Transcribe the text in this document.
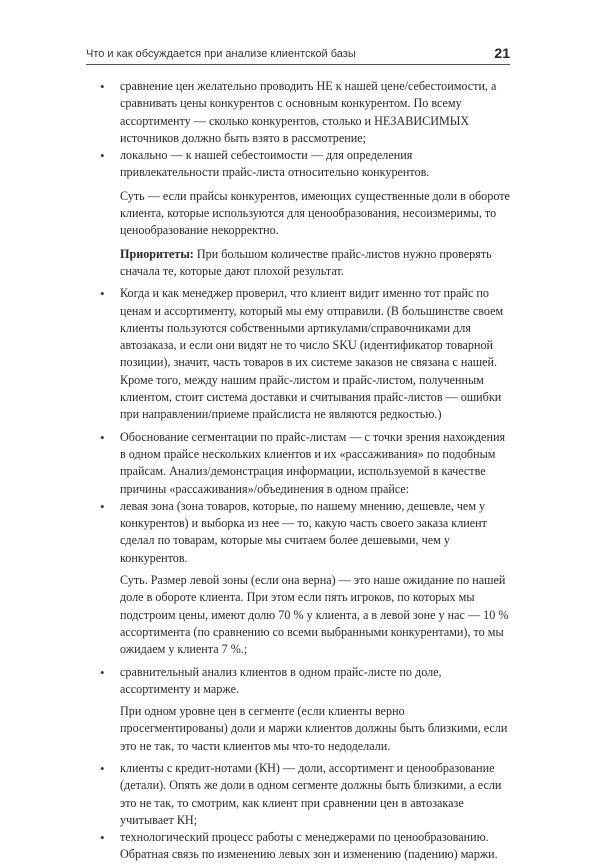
Что и как обсуждается при анализе клиентской базы	21

• сравнение цен желательно проводить НЕ к нашей цене/себестоимости, а сравнивать цены конкурентов с основным конкурентом. По всему ассортименту — сколько конкурентов, столько и НЕЗАВИСИМЫХ источников должно быть взято в рассмотрение;

• локально — к нашей себестоимости — для определения привлекательности прайс-листа относительно конкурентов.

Суть — если прайсы конкурентов, имеющих существенные доли в обороте клиента, которые используются для ценообразования, несоизмеримы, то ценообразование некорректно.

Приоритеты: При большом количестве прайс-листов нужно проверять сначала те, которые дают плохой результат.

• Когда и как менеджер проверил, что клиент видит именно тот прайс по ценам и ассортименту, который мы ему отправили. (В большинстве своем клиенты пользуются собственными артикулами/справочниками для автозаказа, и если они видят не то число SKU (идентификатор товарной позиции), значит, часть товаров в их системе заказов не связана с нашей. Кроме того, между нашим прайс-листом и прайс-листом, полученным клиентом, стоит система доставки и считывания прайс-листов — ошибки при направлении/приеме прайслиста не являются редкостью.)

• Обоснование сегментации по прайс-листам — с точки зрения нахождения в одном прайсе нескольких клиентов и их «рассаживания» по подобным прайсам. Анализ/демонстрация информации, используемой в качестве причины «рассаживания»/объединения в одном прайсе:

• левая зона (зона товаров, которые, по нашему мнению, дешевле, чем у конкурентов) и выборка из нее — то, какую часть своего заказа клиент сделал по товарам, которые мы считаем более дешевыми, чем у конкурентов.

Суть. Размер левой зоны (если она верна) — это наше ожидание по нашей доле в обороте клиента. При этом если пять игроков, по которых мы подстроим цены, имеют долю 70 % у клиента, а в левой зоне у нас — 10 % ассортимента (по сравнению со всеми выбранными конкурентами), то мы ожидаем у клиента 7 %.;

• сравнительный анализ клиентов в одном прайс-листе по доле, ассортименту и марже.

При одном уровне цен в сегменте (если клиенты верно просегментированы) доли и маржи клиентов должны быть близкими, если это не так, то части клиентов мы что-то недоделали.

• клиенты с кредит-нотами (КН) — доли, ассортимент и ценообразование (детали). Опять же доли в одном сегменте должны быть близкими, а если это не так, то смотрим, как клиент при сравнении цен в автозаказе учитывает КН;

• технологический процесс работы с менеджерами по ценообразованию. Обратная связь по изменению левых зон и изменению (падению) маржи.
